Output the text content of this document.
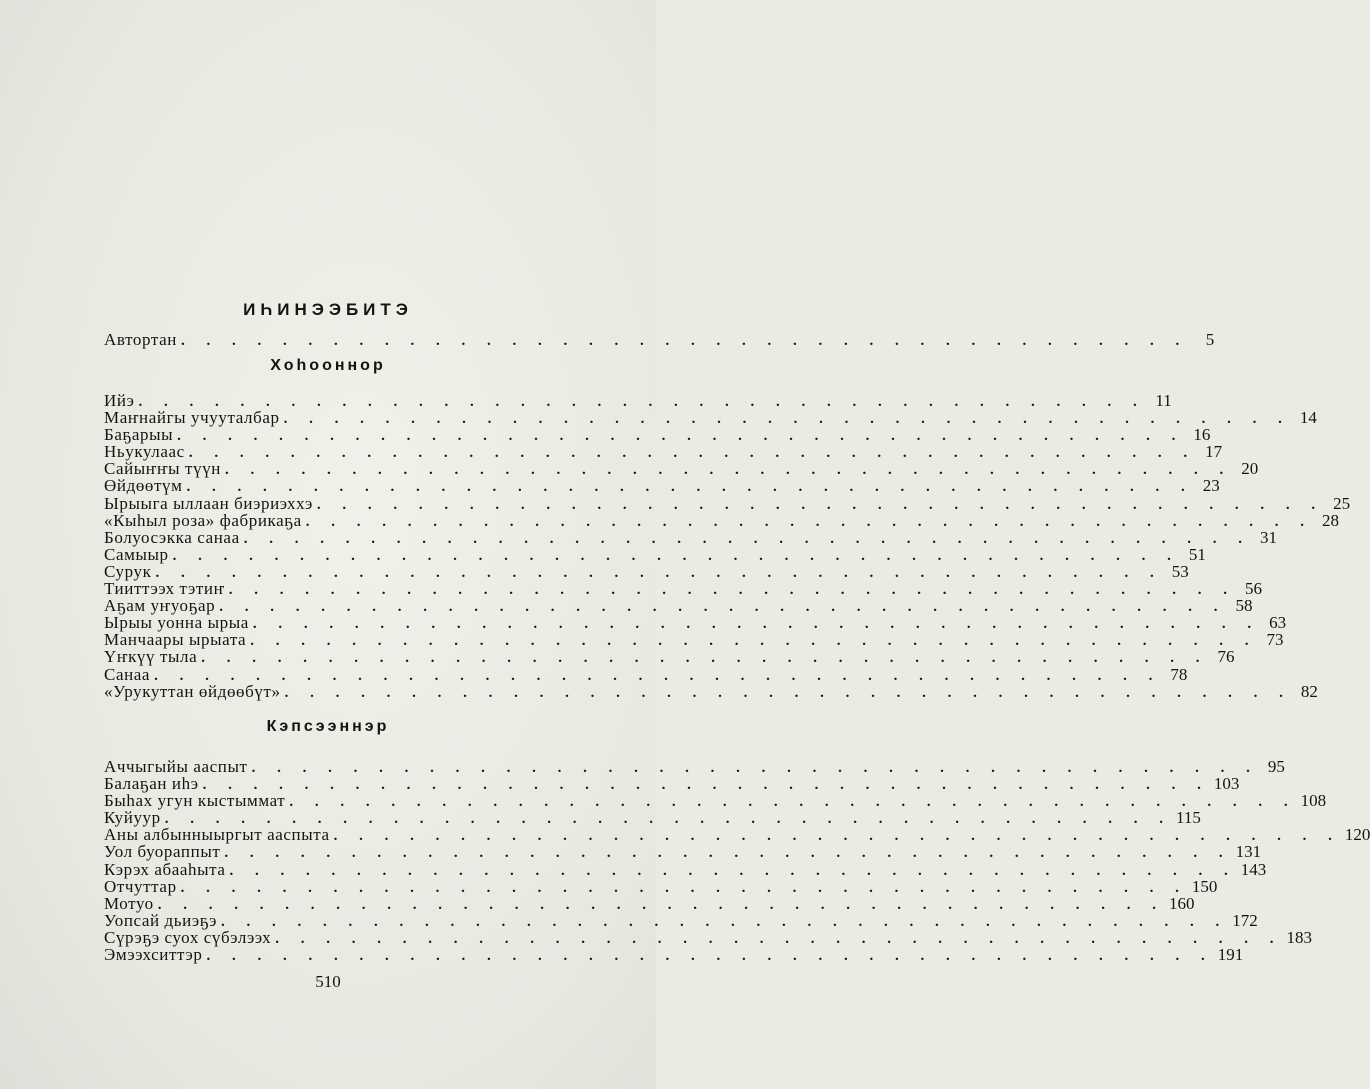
ИҺИНЭЭБИТЭ
Автортан . . . . . . . . . . . . . . . . . . . . . . . . . . . . . . . . . . . . . . . .	5
Хоһооннор
Ийэ . . . . . . . . . . . . . . . . . . . . . . . . . . . . . . . . . . . . . . . . 11
Маҥнайгы учууталбар . . . . . . . . . . . . . . . . . . . . . . . . . . . . . . . . . . . . . . . . 14
Баҕарыы . . . . . . . . . . . . . . . . . . . . . . . . . . . . . . . . . . . . . . . . 16
Ньукулаас . . . . . . . . . . . . . . . . . . . . . . . . . . . . . . . . . . . . . . . . 17
Сайыҥҥы түүн . . . . . . . . . . . . . . . . . . . . . . . . . . . . . . . . . . . . . . . . 20
Өйдөөтүм . . . . . . . . . . . . . . . . . . . . . . . . . . . . . . . . . . . . . . . . 23
Ырыыга ыллаан биэриэххэ . . . . . . . . . . . . . . . . . . . . . . . . . . . . . . . . . . . . . . . . 25
«Кыһыл роза» фабрикаҕа . . . . . . . . . . . . . . . . . . . . . . . . . . . . . . . . . . . . . . . . 28
Болуосэкка санаа . . . . . . . . . . . . . . . . . . . . . . . . . . . . . . . . . . . . . . . . 31
Самыыр . . . . . . . . . . . . . . . . . . . . . . . . . . . . . . . . . . . . . . . . 51
Сурук . . . . . . . . . . . . . . . . . . . . . . . . . . . . . . . . . . . . . . . . 53
Тииттээх тэтиҥ . . . . . . . . . . . . . . . . . . . . . . . . . . . . . . . . . . . . . . . . 56
Аҕам уҥуоҕар . . . . . . . . . . . . . . . . . . . . . . . . . . . . . . . . . . . . . . . . 58
Ырыы уонна ырыа . . . . . . . . . . . . . . . . . . . . . . . . . . . . . . . . . . . . . . . . 63
Манчаары ырыата . . . . . . . . . . . . . . . . . . . . . . . . . . . . . . . . . . . . . . . . 73
Үҥкүү тыла . . . . . . . . . . . . . . . . . . . . . . . . . . . . . . . . . . . . . . . . 76
Санаа . . . . . . . . . . . . . . . . . . . . . . . . . . . . . . . . . . . . . . . . 78
«Урукуттан өйдөөбүт» . . . . . . . . . . . . . . . . . . . . . . . . . . . . . . . . . . . . . . . . 82
Кэпсээннэр
Аччыгыйы ааспыт . . . . . . . . . . . . . . . . . . . . . . . . . . . . . . . . . . . . . . . . 95
Балаҕан иһэ . . . . . . . . . . . . . . . . . . . . . . . . . . . . . . . . . . . . . . . . 103
Быһах угун кыстыммат . . . . . . . . . . . . . . . . . . . . . . . . . . . . . . . . . . . . . . . . 108
Куйуур . . . . . . . . . . . . . . . . . . . . . . . . . . . . . . . . . . . . . . . . 115
Аны албынныыргыт ааспыта . . . . . . . . . . . . . . . . . . . . . . . . . . . . . . . . . . . . . . . . 120
Уол буораппыт . . . . . . . . . . . . . . . . . . . . . . . . . . . . . . . . . . . . . . . . 131
Кэрэх абааһыта . . . . . . . . . . . . . . . . . . . . . . . . . . . . . . . . . . . . . . . . 143
Отчуттар . . . . . . . . . . . . . . . . . . . . . . . . . . . . . . . . . . . . . . . . 150
Мотуо . . . . . . . . . . . . . . . . . . . . . . . . . . . . . . . . . . . . . . . . 160
Уопсай дьиэҕэ . . . . . . . . . . . . . . . . . . . . . . . . . . . . . . . . . . . . . . . . 172
Сүрэҕэ суох сүбэлээх . . . . . . . . . . . . . . . . . . . . . . . . . . . . . . . . . . . . . . . . 183
Эмээхситтэр . . . . . . . . . . . . . . . . . . . . . . . . . . . . . . . . . . . . . . . . 191
510
